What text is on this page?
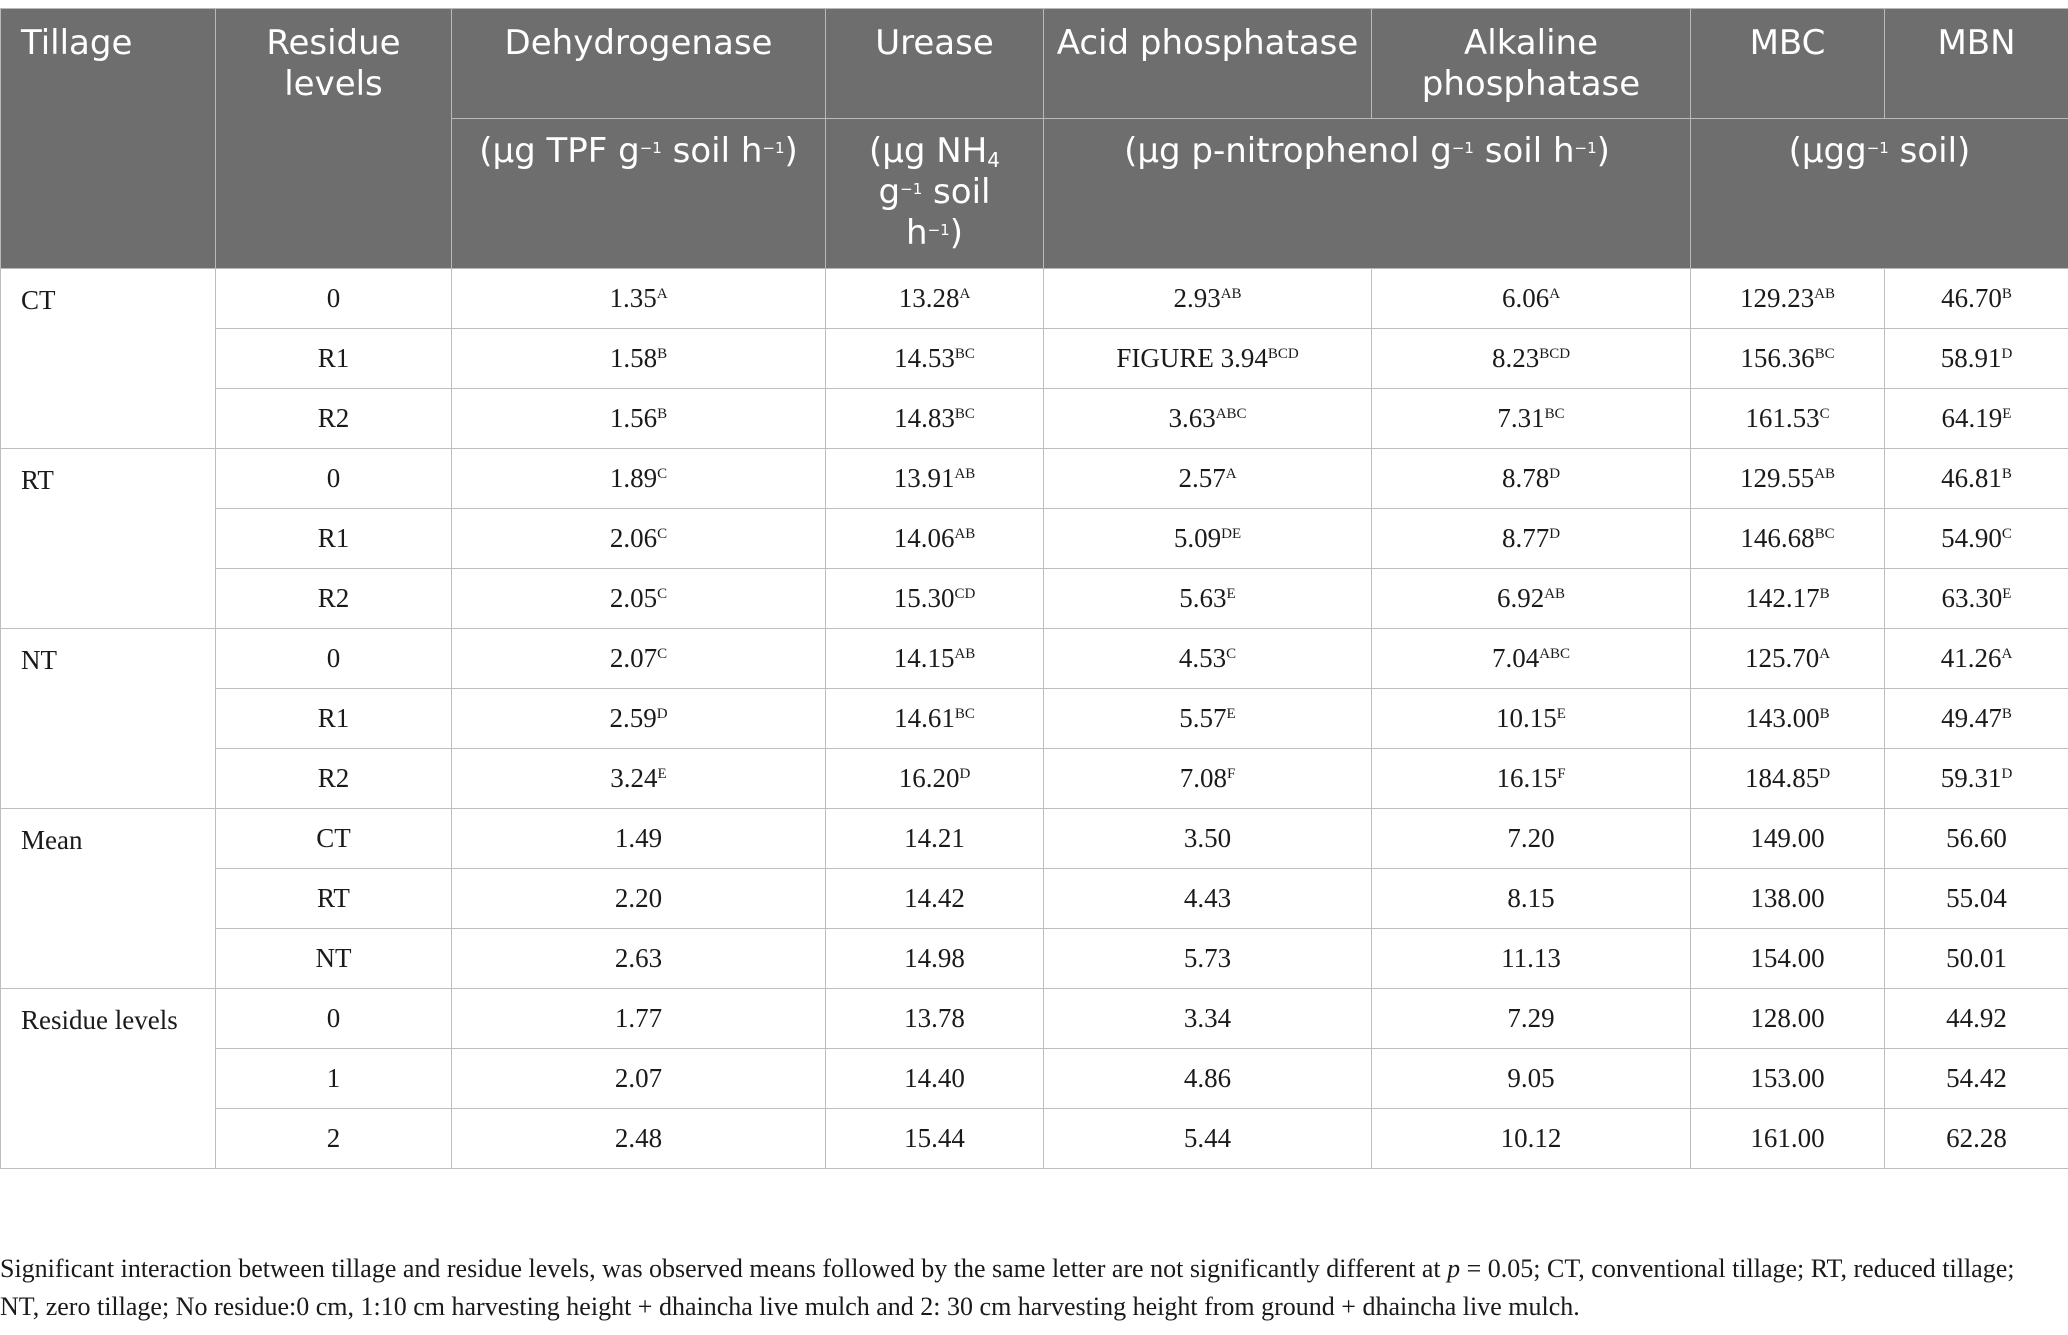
Tillage	Residue levels	Dehydrogenase	Urease	Acid phosphatase	Alkaline phosphatase	MBC	MBN
		(µg TPF $g^{-1}$ soil $h^{-1}$)	(µg $NH_4$
$g^{-1}$ soil
$h^{-1}$)	(µg p-nitrophenol $g^{-1}$ soil $h^{-1}$)		(µgg$^{-1}$ soil)	
CT	0	$1.35^A$	$13.28^A$	$2.93^{AB}$	$6.06^A$	$129.23^{AB}$	$46.70^B$
	R1	$1.58^B$	$14.53^{BC}$	FIGURE $3.94^{BCD}$	$8.23^{BCD}$	$156.36^{BC}$	$58.91^D$
	R2	$1.56^B$	$14.83^{BC}$	$3.63^{ABC}$	$7.31^{BC}$	$161.53^C$	$64.19^E$
RT	0	$1.89^C$	$13.91^{AB}$	$2.57^A$	$8.78^D$	$129.55^{AB}$	$46.81^B$
	R1	$2.06^C$	$14.06^{AB}$	5.09DE	$8.77^D$	$146.68^{BC}$	$54.90^C$
	R2	$2.05^C$	$15.30^{CD}$	$5.63^E$	$6.92^{AB}$	$142.17^B$	$63.30^E$
NT	0	$2.07^C$	$14.15^{AB}$	$4.53^C$	$7.04^{ABC}$	$125.70^A$	$41.26^A$
	R1	$2.59^D$	$14.61^{BC}$	$5.57^E$	$10.15^E$	$143.00^B$	$49.47^B$
	R2	$3.24^E$	$16.20^D$	$7.08^F$	$16.15^F$	$184.85^D$	$59.31^D$
Mean	CT	1.49	14.21	3.50	7.20	149.00	56.60
	RT	2.20	14.42	4.43	8.15	138.00	55.04
	NT	2.63	14.98	5.73	11.13	154.00	50.01
Residue levels	0	1.77	13.78	3.34	7.29	128.00	44.92
	1	2.07	14.40	4.86	9.05	153.00	54.42
	2	2.48	15.44	5.44	10.12	161.00	62.28
Significant interaction between tillage and residue levels, was observed means followed by the same letter are not significantly different at p = 0.05; CT, conventional tillage; RT, reduced tillage; NT, zero tillage; No residue:0 cm, 1:10 cm harvesting height + dhaincha live mulch and 2: 30 cm harvesting height from ground + dhaincha live mulch.
